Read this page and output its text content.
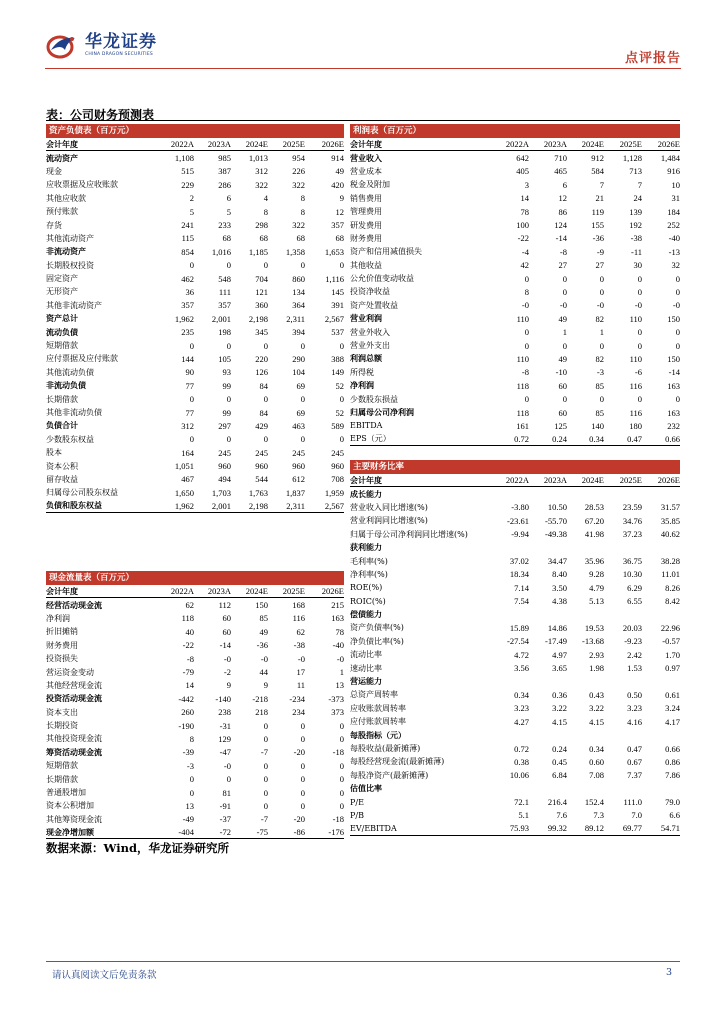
华龙证券
CHINA DRAGON SECURITIES	点评报告
表：公司财务预测表
资产负债表（百万元）
会计年度	2022A	2023A	2024E	2025E	2026E
流动资产	1,108	985	1,013	954	914
现金	515	387	312	226	49
应收票据及应收账款	229	286	322	322	420
其他应收款	2	6	4	8	9
预付账款	5	5	8	8	12
存货	241	233	298	322	357
其他流动资产	115	68	68	68	68
非流动资产	854	1,016	1,185	1,358	1,653
长期股权投资	0	0	0	0	0
固定资产	462	548	704	860	1,116
无形资产	36	111	121	134	145
其他非流动资产	357	357	360	364	391
资产总计	1,962	2,001	2,198	2,311	2,567
流动负债	235	198	345	394	537
短期借款	0	0	0	0	0
应付票据及应付账款	144	105	220	290	388
其他流动负债	90	93	126	104	149
非流动负债	77	99	84	69	52
长期借款	0	0	0	0	0
其他非流动负债	77	99	84	69	52
负债合计	312	297	429	463	589
少数股东权益	0	0	0	0	0
股本	164	245	245	245	245
资本公积	1,051	960	960	960	960
留存收益	467	494	544	612	708
归属母公司股东权益	1,650	1,703	1,763	1,837	1,959
负债和股东权益	1,962	2,001	2,198	2,311	2,567
利润表（百万元）
会计年度	2022A	2023A	2024E	2025E	2026E
营业收入	642	710	912	1,128	1,484
营业成本	405	465	584	713	916
税金及附加	3	6	7	7	10
销售费用	14	12	21	24	31
管理费用	78	86	119	139	184
研发费用	100	124	155	192	252
财务费用	-22	-14	-36	-38	-40
资产和信用减值损失	-4	-8	-9	-11	-13
其他收益	42	27	27	30	32
公允价值变动收益	0	0	0	0	0
投资净收益	8	0	0	0	0
资产处置收益	-0	-0	-0	-0	-0
营业利润	110	49	82	110	150
营业外收入	0	1	1	0	0
营业外支出	0	0	0	0	0
利润总额	110	49	82	110	150
所得税	-8	-10	-3	-6	-14
净利润	118	60	85	116	163
少数股东损益	0	0	0	0	0
归属母公司净利润	118	60	85	116	163
EBITDA	161	125	140	180	232
EPS（元）	0.72	0.24	0.34	0.47	0.66
主要财务比率
会计年度	2022A	2023A	2024E	2025E	2026E
成长能力
营业收入同比增速(%)	-3.80	10.50	28.53	23.59	31.57
营业利润同比增速(%)	-23.61	-55.70	67.20	34.76	35.85
归属于母公司净利润同比增速(%)	-9.94	-49.38	41.98	37.23	40.62
获利能力
毛利率(%)	37.02	34.47	35.96	36.75	38.28
净利率(%)	18.34	8.40	9.28	10.30	11.01
ROE(%)	7.14	3.50	4.79	6.29	8.26
ROIC(%)	7.54	4.38	5.13	6.55	8.42
偿债能力
资产负债率(%)	15.89	14.86	19.53	20.03	22.96
净负债比率(%)	-27.54	-17.49	-13.68	-9.23	-0.57
流动比率	4.72	4.97	2.93	2.42	1.70
速动比率	3.56	3.65	1.98	1.53	0.97
营运能力
总资产周转率	0.34	0.36	0.43	0.50	0.61
应收账款周转率	3.23	3.22	3.22	3.23	3.24
应付账款周转率	4.27	4.15	4.15	4.16	4.17
每股指标（元）
每股收益(最新摊薄)	0.72	0.24	0.34	0.47	0.66
每股经营现金流(最新摊薄)	0.38	0.45	0.60	0.67	0.86
每股净资产(最新摊薄)	10.06	6.84	7.08	7.37	7.86
估值比率
P/E	72.1	216.4	152.4	111.0	79.0
P/B	5.1	7.6	7.3	7.0	6.6
EV/EBITDA	75.93	99.32	89.12	69.77	54.71
现金流量表（百万元）
会计年度	2022A	2023A	2024E	2025E	2026E
经营活动现金流	62	112	150	168	215
净利润	118	60	85	116	163
折旧摊销	40	60	49	62	78
财务费用	-22	-14	-36	-38	-40
投资损失	-8	-0	-0	-0	-0
营运资金变动	-79	-2	44	17	1
其他经营现金流	14	9	9	11	13
投资活动现金流	-442	-140	-218	-234	-373
资本支出	260	238	218	234	373
长期投资	-190	-31	0	0	0
其他投资现金流	8	129	0	0	0
筹资活动现金流	-39	-47	-7	-20	-18
短期借款	-3	-0	0	0	0
长期借款	0	0	0	0	0
普通股增加	0	81	0	0	0
资本公积增加	13	-91	0	0	0
其他筹资现金流	-49	-37	-7	-20	-18
现金净增加额	-404	-72	-75	-86	-176
数据来源：Wind，华龙证券研究所
请认真阅读文后免责条款	3
